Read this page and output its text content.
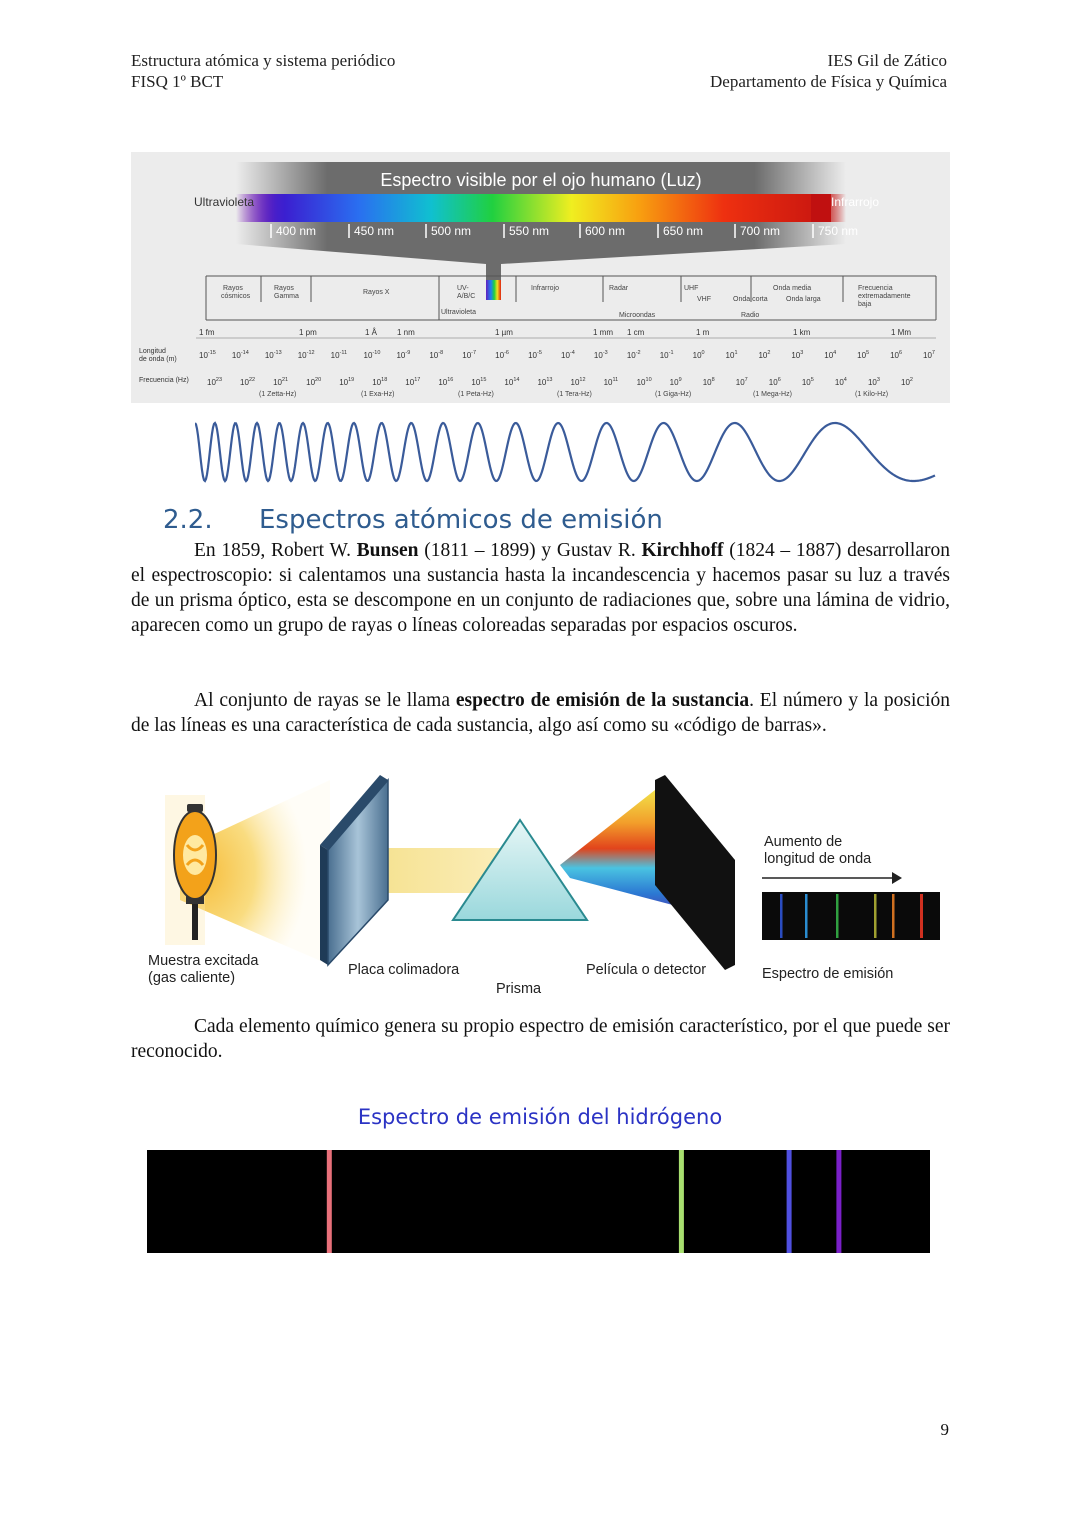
Estructura atómica y sistema periódico
FISQ 1º BCT
IES Gil de Zático
Departamento de Física y Química
Espectro visible por el ojo humano (Luz)
Ultravioleta	Infrarrojo
400 nm	450 nm	500 nm	550 nm	600 nm	650 nm	700 nm	750 nm
Rayos
cósmicos
Rayos
Gamma
Rayos X
UV-
A/B/C
Ultravioleta
Infrarrojo	Radar
Microondas
UHF
VHF	Onda corta
Onda media
Onda larga
Radio
Frecuencia
extremadamente
baja
1 fm	1 pm	1 Å 1 nm	1 µm	1 mm 1 cm	1 m	1 km	1 Mm
Longitud
de onda (m)
Frecuencia (Hz)
$10^{-15}$ $10^{-14}$ $10^{-13}$ $10^{-12}$ $10^{-11}$ $10^{-10}$ $10^{-9}$ $10^{-8}$ $10^{-7}$ $10^{-6}$ $10^{-5}$ $10^{-4}$ $10^{-3}$ $10^{-2}$ $10^{-1}$ $10^0$	$10^1$	$10^2$	$10^3$	$10^4$	$10^5$	$10^6$	$10^7$
$10^{23}$ $10^{22}$ $10^{21}$ $10^{20}$ $10^{19}$ $10^{18}$ $10^{17}$ $10^{16}$ $10^{15}$ $10^{14}$ $10^{13}$ $10^{12}$ $10^{11}$ $10^{10}$ $10^9$	$10^8$	$10^7$	$10^6$	$10^5$	$10^4$	$10^3$	$10^2$
(1 Zetta-Hz)	(1 Exa-Hz)	(1 Peta-Hz)	(1 Tera-Hz)	(1 Giga-Hz)	(1 Mega-Hz)	(1 Kilo-Hz)
2.2. Espectros atómicos de emisión

En 1859, Robert W. Bunsen (1811 – 1899) y Gustav R. Kirchhoff (1824 – 1887) desarrollaron el espectroscopio: si calentamos una sustancia hasta la incandescencia y hacemos pasar su luz a través de un prisma óptico, esta se descompone en un conjunto de radiaciones que, sobre una lámina de vidrio, aparecen como un grupo de rayas o líneas coloreadas separadas por espacios oscuros.

Al conjunto de rayas se le llama espectro de emisión de la sustancia. El número y la posición de las líneas es una característica de cada sustancia, algo así como su «código de barras».

Muestra excitada
(gas caliente)	Placa colimadora
Prisma
Película o detector
Aumento de
longitud de onda
Espectro de emisión

Cada elemento químico genera su propio espectro de emisión característico, por el que puede ser reconocido.

Espectro de emisión del hidrógeno
9
